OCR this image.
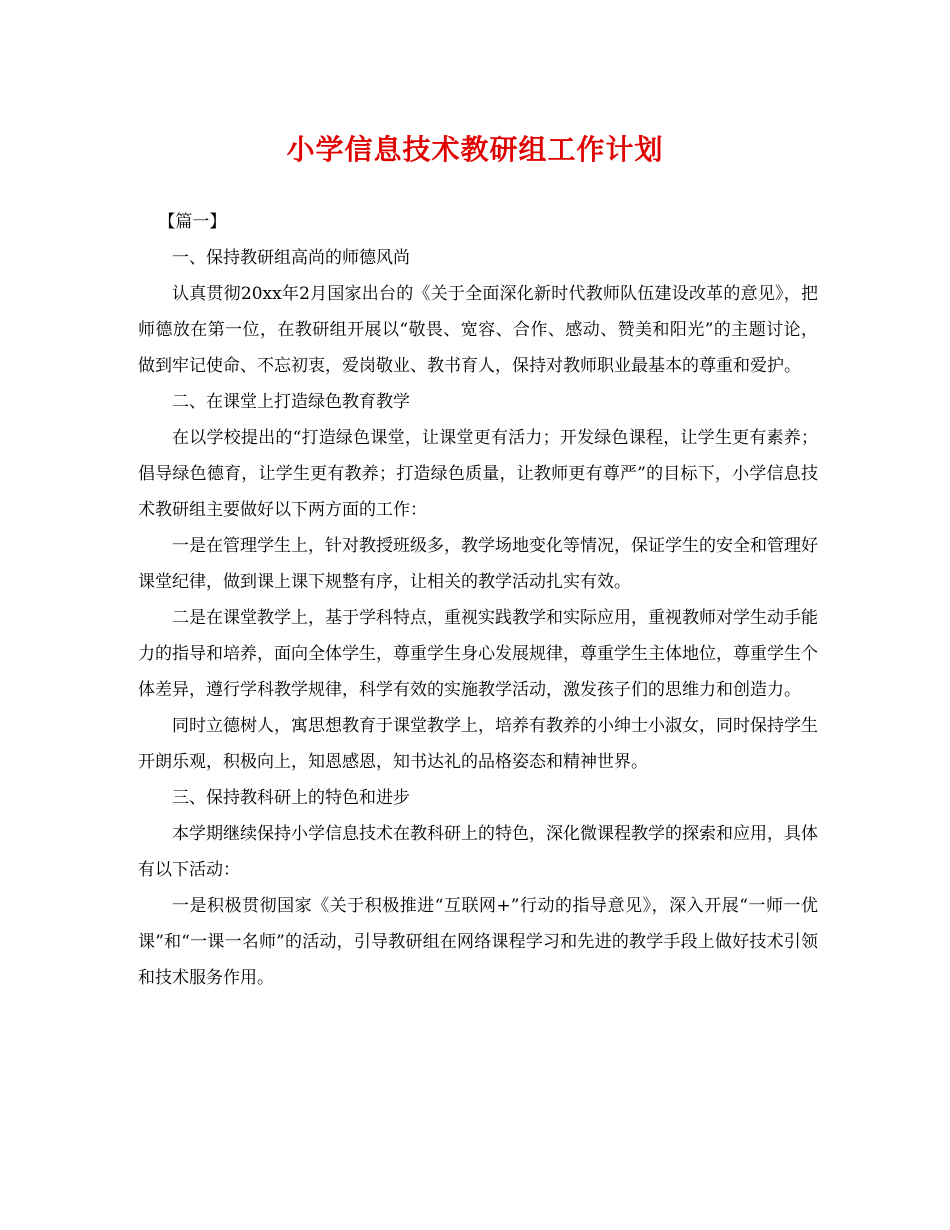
小学信息技术教研组工作计划

【篇一】

一、保持教研组高尚的师德风尚

认真贯彻20xx年2月国家出台的《关于全面深化新时代教师队伍建设改革的意见》，把师德放在第一位，在教研组开展以“敬畏、宽容、合作、感动、赞美和阳光”的主题讨论，做到牢记使命、不忘初衷，爱岗敬业、教书育人，保持对教师职业最基本的尊重和爱护。

二、在课堂上打造绿色教育教学

在以学校提出的“打造绿色课堂，让课堂更有活力；开发绿色课程，让学生更有素养；倡导绿色德育，让学生更有教养；打造绿色质量，让教师更有尊严”的目标下，小学信息技术教研组主要做好以下两方面的工作：

一是在管理学生上，针对教授班级多，教学场地变化等情况，保证学生的安全和管理好课堂纪律，做到课上课下规整有序，让相关的教学活动扎实有效。

二是在课堂教学上，基于学科特点，重视实践教学和实际应用，重视教师对学生动手能力的指导和培养，面向全体学生，尊重学生身心发展规律，尊重学生主体地位，尊重学生个体差异，遵行学科教学规律，科学有效的实施教学活动，激发孩子们的思维力和创造力。

同时立德树人，寓思想教育于课堂教学上，培养有教养的小绅士小淑女，同时保持学生开朗乐观，积极向上，知恩感恩，知书达礼的品格姿态和精神世界。

三、保持教科研上的特色和进步

本学期继续保持小学信息技术在教科研上的特色，深化微课程教学的探索和应用，具体有以下活动：

一是积极贯彻国家《关于积极推进“互联网+”行动的指导意见》，深入开展“一师一优课”和“一课一名师”的活动，引导教研组在网络课程学习和先进的教学手段上做好技术引领和技术服务作用。
